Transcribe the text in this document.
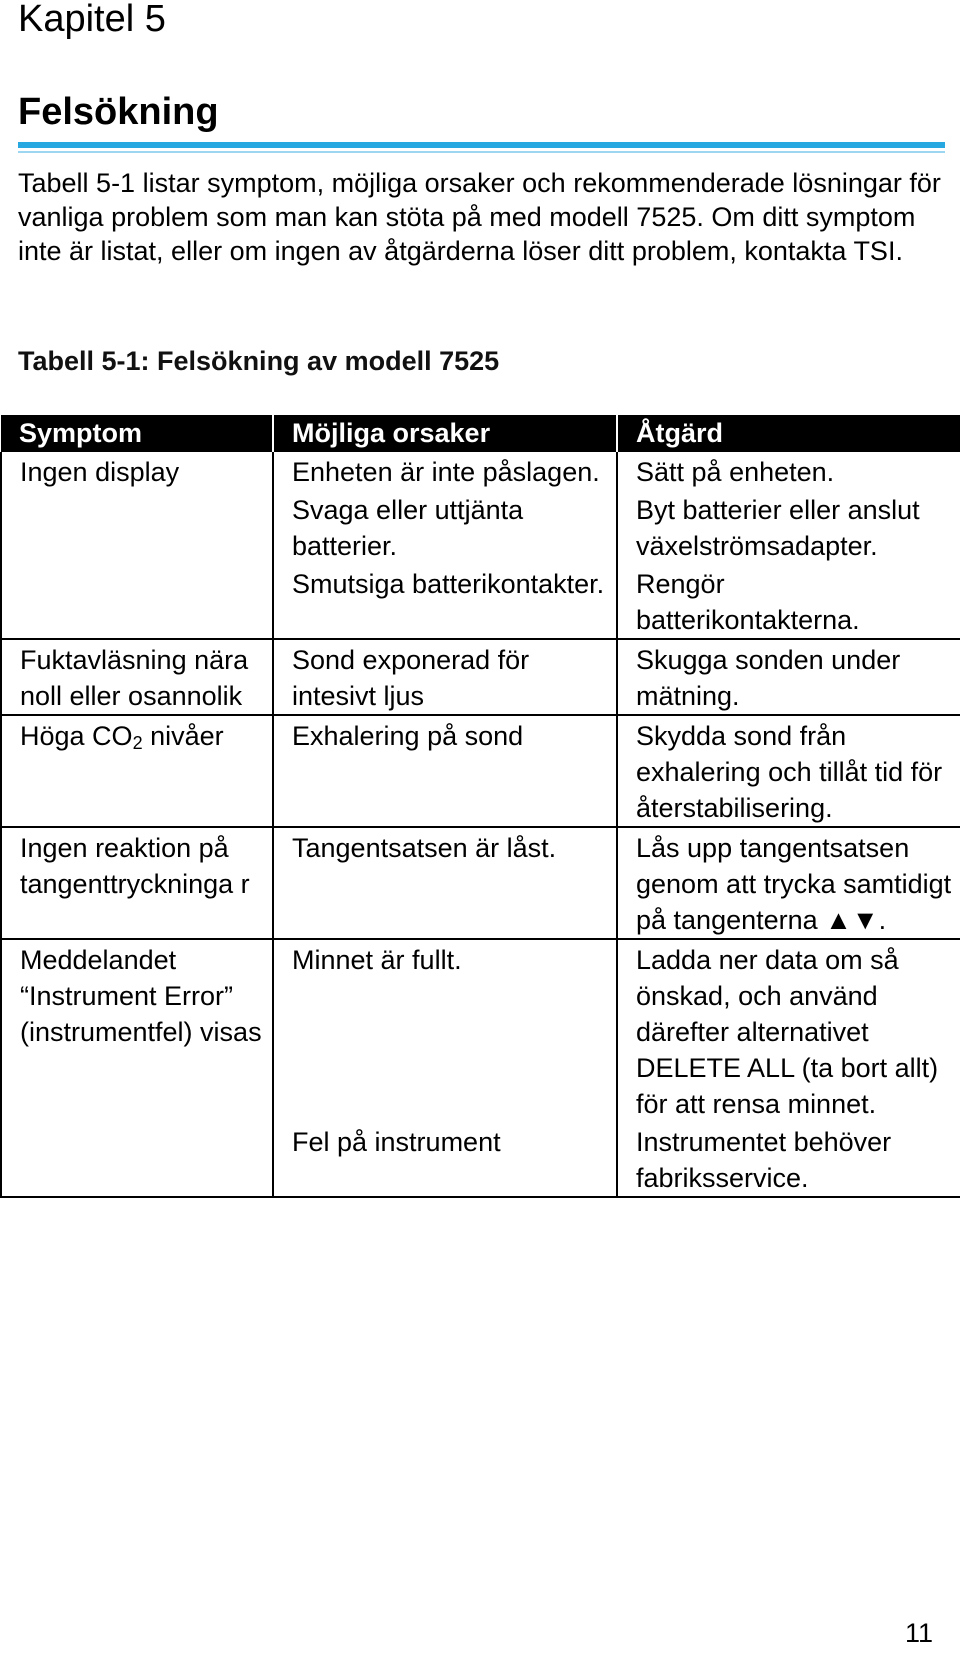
Kapitel 5
Felsökning
Tabell 5-1 listar symptom, möjliga orsaker och rekommenderade lösningar för vanliga problem som man kan stöta på med modell 7525. Om ditt symptom inte är listat, eller om ingen av åtgärderna löser ditt problem, kontakta TSI.
Tabell 5-1: Felsökning av modell 7525
Symptom	Möjliga orsaker	Åtgärd
Ingen display	Enheten är inte påslagen.	Sätt på enheten.
	Svaga eller uttjänta batterier.	Byt batterier eller anslut växelströmsadapter.
	Smutsiga batterikontakter.	Rengör batterikontakterna.
Fuktavläsning nära noll eller osannolik	Sond exponerad för intesivt ljus	Skugga sonden under mätning.
Höga $CO_2$ nivåer	Exhalering på sond	Skydda sond från exhalering och tillåt tid för återstabilisering.
Ingen reaktion på tangenttryckninga r	Tangentsatsen är låst.	Lås upp tangentsatsen genom att trycka samtidigt på tangenterna ▲▼.
Meddelandet “Instrument Error” (instrumentfel) visas	Minnet är fullt.	Ladda ner data om så önskad, och använd därefter alternativet DELETE ALL (ta bort allt) för att rensa minnet.
	Fel på instrument	Instrumentet behöver fabriksservice.
11
